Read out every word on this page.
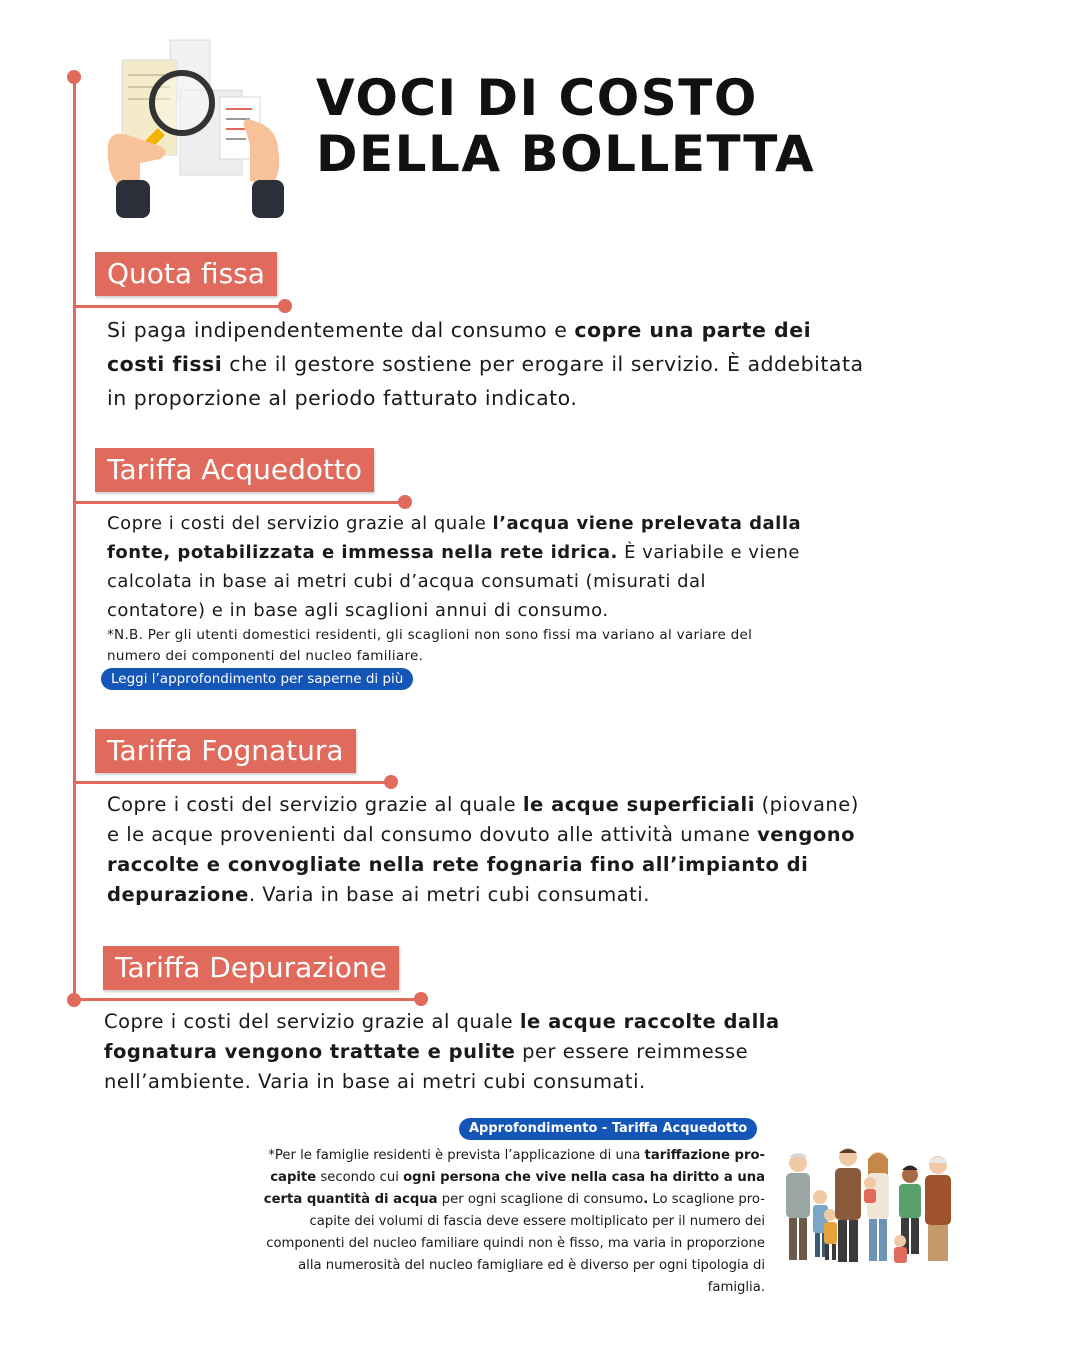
VOCI DI COSTO
DELLA BOLLETTA
Quota fissa

Si paga indipendentemente dal consumo e copre una parte dei costi fissi che il gestore sostiene per erogare il servizio. È addebitata in proporzione al periodo fatturato indicato.

Tariffa Acquedotto

Copre i costi del servizio grazie al quale l’acqua viene prelevata dalla fonte, potabilizzata e immessa nella rete idrica. È variabile e viene calcolata in base ai metri cubi d’acqua consumati (misurati dal contatore) e in base agli scaglioni annui di consumo.

*N.B. Per gli utenti domestici residenti, gli scaglioni non sono fissi ma variano al variare del numero dei componenti del nucleo familiare.

Leggi l’approfondimento per saperne di più
Tariffa Fognatura

Copre i costi del servizio grazie al quale le acque superficiali (piovane) e le acque provenienti dal consumo dovuto alle attività umane vengono raccolte e convogliate nella rete fognaria fino all’impianto di depurazione. Varia in base ai metri cubi consumati.

Tariffa Depurazione

Copre i costi del servizio grazie al quale le acque raccolte dalla fognatura vengono trattate e pulite per essere reimmesse nell’ambiente. Varia in base ai metri cubi consumati.

Approfondimento - Tariffa Acquedotto

*Per le famiglie residenti è prevista l’applicazione di una tariffazione pro-capite secondo cui ogni persona che vive nella casa ha diritto a una certa quantità di acqua per ogni scaglione di consumo. Lo scaglione pro-capite dei volumi di fascia deve essere moltiplicato per il numero dei componenti del nucleo familiare quindi non è fisso, ma varia in proporzione alla numerosità del nucleo famigliare ed è diverso per ogni tipologia di famiglia.
